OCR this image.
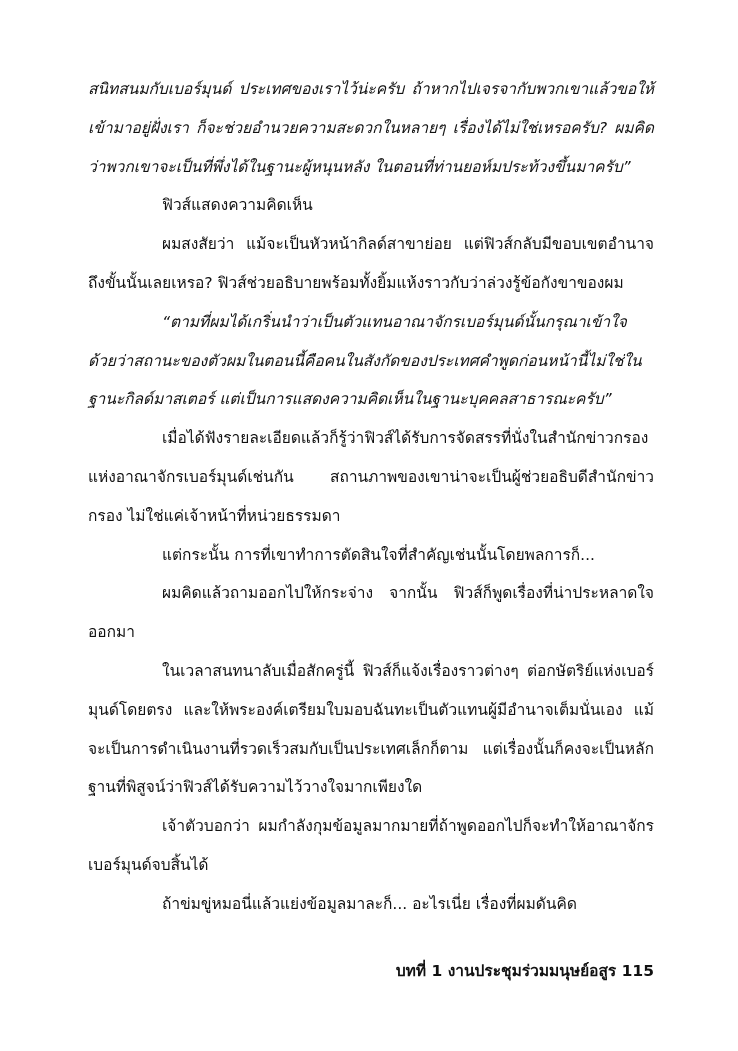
สนิทสนมกับเบอร์มุนด์ ประเทศของเราไว้น่ะครับ ถ้าหากไปเจรจากับพวกเขาแล้วขอให้เข้ามาอยู่ฝั่งเรา ก็จะช่วยอำนวยความสะดวกในหลายๆ เรื่องได้ไม่ใช่เหรอครับ? ผมคิดว่าพวกเขาจะเป็นที่พึ่งได้ในฐานะผู้หนุนหลัง ในตอนที่ท่านยอห์มประท้วงขึ้นมาครับ”

ฟิวส์แสดงความคิดเห็น

ผมสงสัยว่า แม้จะเป็นหัวหน้ากิลด์สาขาย่อย แต่ฟิวส์กลับมีขอบเขตอำนาจถึงขั้นนั้นเลยเหรอ? ฟิวส์ช่วยอธิบายพร้อมทั้งยิ้มแห้งราวกับว่าล่วงรู้ข้อกังขาของผม

“ตามที่ผมได้เกริ่นนำว่าเป็นตัวแทนอาณาจักรเบอร์มุนด์นั้นกรุณาเข้าใจด้วยว่าสถานะของตัวผมในตอนนี้คือคนในสังกัดของประเทศคำพูดก่อนหน้านี้ไม่ใช่ในฐานะกิลด์มาสเตอร์ แต่เป็นการแสดงความคิดเห็นในฐานะบุคคลสาธารณะครับ”

เมื่อได้ฟังรายละเอียดแล้วก็รู้ว่าฟิวส์ได้รับการจัดสรรที่นั่งในสำนักข่าวกรองแห่งอาณาจักรเบอร์มุนด์เช่นกัน สถานภาพของเขาน่าจะเป็นผู้ช่วยอธิบดีสำนักข่าวกรอง ไม่ใช่แค่เจ้าหน้าที่หน่วยธรรมดา

แต่กระนั้น การที่เขาทำการตัดสินใจที่สำคัญเช่นนั้นโดยพลการก็...

ผมคิดแล้วถามออกไปให้กระจ่าง จากนั้น ฟิวส์ก็พูดเรื่องที่น่าประหลาดใจออกมา

ในเวลาสนทนาลับเมื่อสักครู่นี้ ฟิวส์ก็แจ้งเรื่องราวต่างๆ ต่อกษัตริย์แห่งเบอร์มุนด์โดยตรง และให้พระองค์เตรียมใบมอบฉันทะเป็นตัวแทนผู้มีอำนาจเต็มนั่นเอง แม้จะเป็นการดำเนินงานที่รวดเร็วสมกับเป็นประเทศเล็กก็ตาม แต่เรื่องนั้นก็คงจะเป็นหลักฐานที่พิสูจน์ว่าฟิวส์ได้รับความไว้วางใจมากเพียงใด

เจ้าตัวบอกว่า ผมกำลังกุมข้อมูลมากมายที่ถ้าพูดออกไปก็จะทำให้อาณาจักรเบอร์มุนด์จบสิ้นได้

ถ้าข่มขู่หมอนี่แล้วแย่งข้อมูลมาละก็... อะไรเนี่ย เรื่องที่ผมดันคิด

บทที่ 1 งานประชุมร่วมมนุษย์อสูร 115
